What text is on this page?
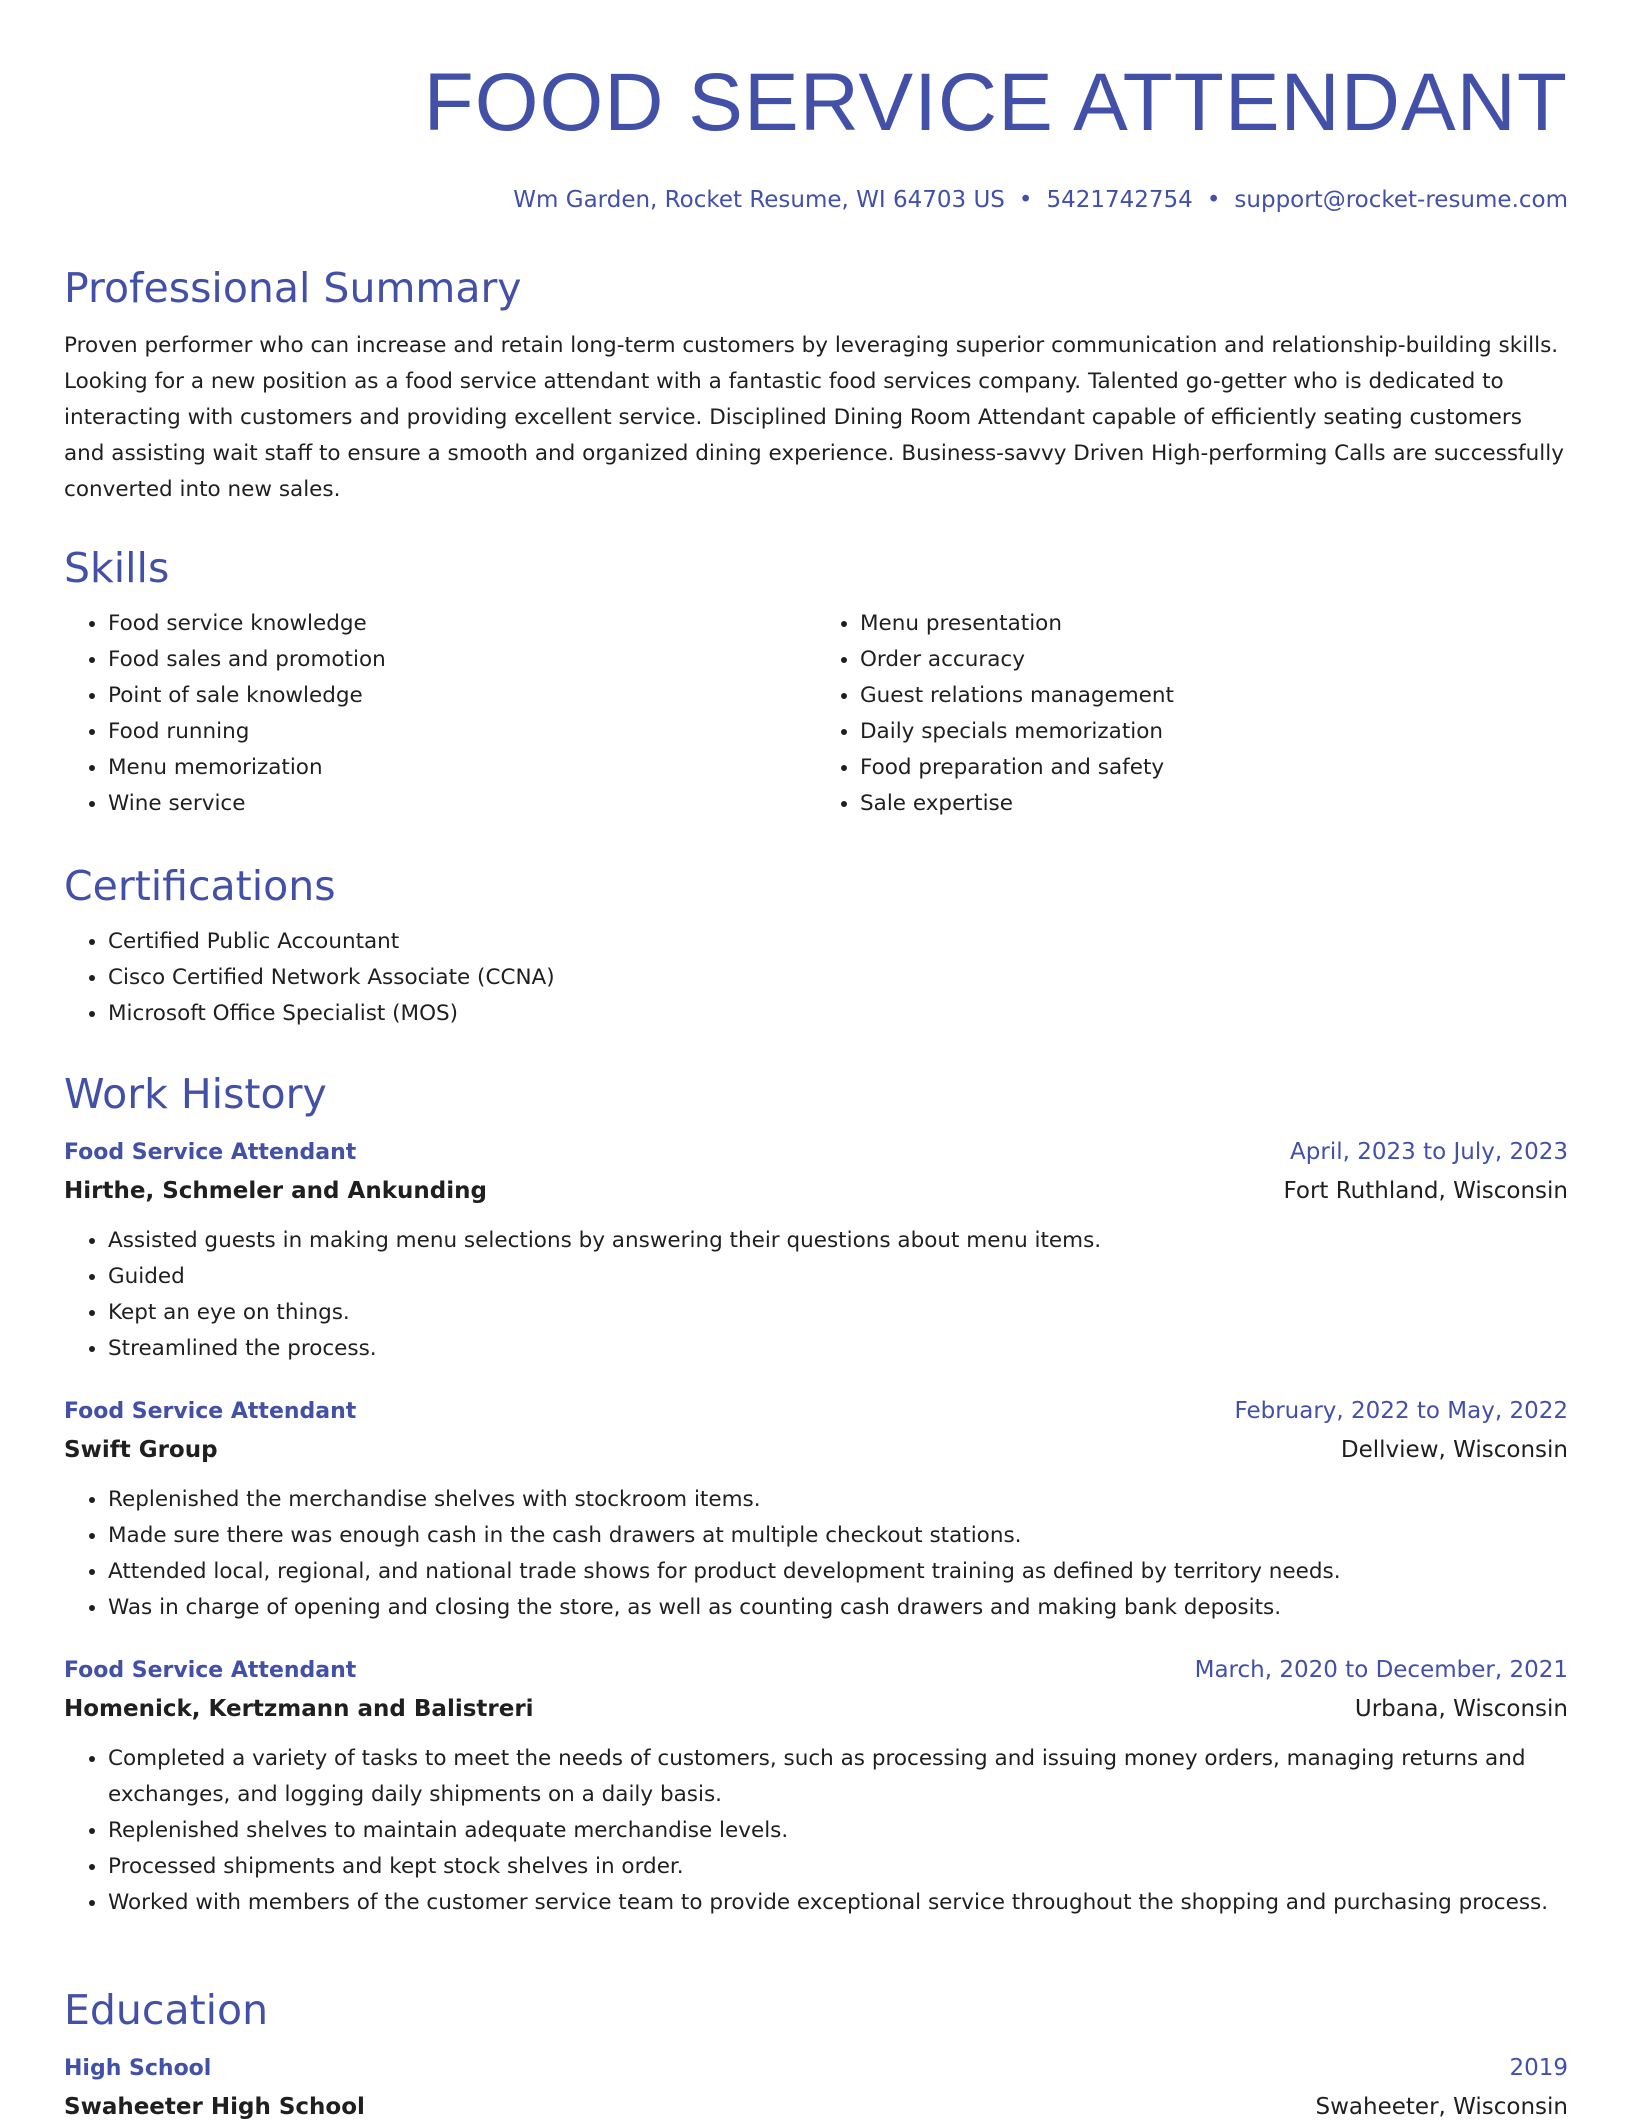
FOOD SERVICE ATTENDANT
Wm Garden, Rocket Resume, WI 64703 US • 5421742754 • support@rocket-resume.com
Professional Summary

Proven performer who can increase and retain long-term customers by leveraging superior communication and relationship-building skills. Looking for a new position as a food service attendant with a fantastic food services company. Talented go-getter who is dedicated to interacting with customers and providing excellent service. Disciplined Dining Room Attendant capable of efficiently seating customers and assisting wait staff to ensure a smooth and organized dining experience. Business-savvy Driven High-performing Calls are successfully converted into new sales.

Skills
• Food service knowledge
• Food sales and promotion
• Point of sale knowledge
• Food running
• Menu memorization
• Wine service
• Menu presentation
• Order accuracy
• Guest relations management
• Daily specials memorization
• Food preparation and safety
• Sale expertise
Certifications
• Certified Public Accountant
• Cisco Certified Network Associate (CCNA)
• Microsoft Office Specialist (MOS)
Work History
Food Service Attendant	April, 2023 to July, 2023
Hirthe, Schmeler and Ankunding	Fort Ruthland, Wisconsin
• Assisted guests in making menu selections by answering their questions about menu items.
• Guided
• Kept an eye on things.
• Streamlined the process.
Food Service Attendant	February, 2022 to May, 2022
Swift Group	Dellview, Wisconsin
• Replenished the merchandise shelves with stockroom items.
• Made sure there was enough cash in the cash drawers at multiple checkout stations.
• Attended local, regional, and national trade shows for product development training as defined by territory needs.
• Was in charge of opening and closing the store, as well as counting cash drawers and making bank deposits.
Food Service Attendant	March, 2020 to December, 2021
Homenick, Kertzmann and Balistreri	Urbana, Wisconsin
• Completed a variety of tasks to meet the needs of customers, such as processing and issuing money orders, managing returns and exchanges, and logging daily shipments on a daily basis.
• Replenished shelves to maintain adequate merchandise levels.
• Processed shipments and kept stock shelves in order.
• Worked with members of the customer service team to provide exceptional service throughout the shopping and purchasing process.
Education
High School	2019
Swaheeter High School	Swaheeter, Wisconsin
